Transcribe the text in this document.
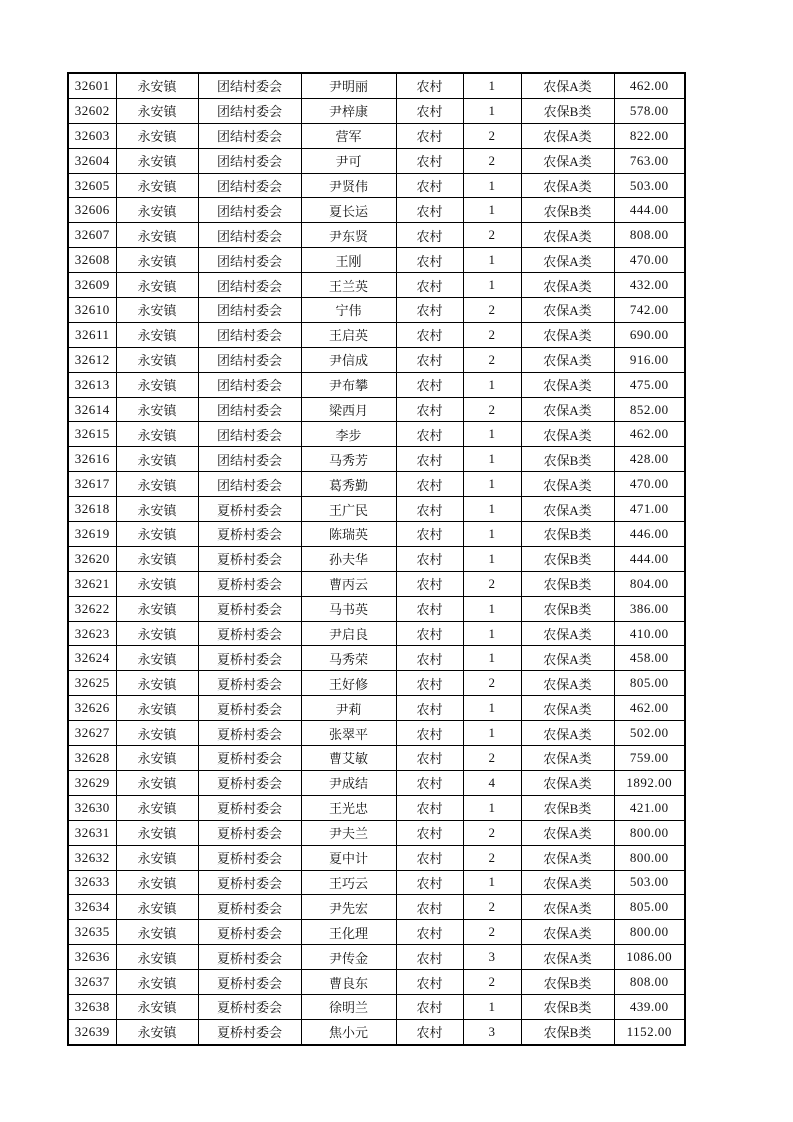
32601	永安镇	团结村委会	尹明丽	农村	1	农保A类	462.00
32602	永安镇	团结村委会	尹梓康	农村	1	农保B类	578.00
32603	永安镇	团结村委会	营军	农村	2	农保A类	822.00
32604	永安镇	团结村委会	尹可	农村	2	农保A类	763.00
32605	永安镇	团结村委会	尹贤伟	农村	1	农保A类	503.00
32606	永安镇	团结村委会	夏长运	农村	1	农保B类	444.00
32607	永安镇	团结村委会	尹东贤	农村	2	农保A类	808.00
32608	永安镇	团结村委会	王刚	农村	1	农保A类	470.00
32609	永安镇	团结村委会	王兰英	农村	1	农保A类	432.00
32610	永安镇	团结村委会	宁伟	农村	2	农保A类	742.00
32611	永安镇	团结村委会	王启英	农村	2	农保A类	690.00
32612	永安镇	团结村委会	尹信成	农村	2	农保A类	916.00
32613	永安镇	团结村委会	尹布攀	农村	1	农保A类	475.00
32614	永安镇	团结村委会	梁西月	农村	2	农保A类	852.00
32615	永安镇	团结村委会	李步	农村	1	农保A类	462.00
32616	永安镇	团结村委会	马秀芳	农村	1	农保B类	428.00
32617	永安镇	团结村委会	葛秀勤	农村	1	农保A类	470.00
32618	永安镇	夏桥村委会	王广民	农村	1	农保A类	471.00
32619	永安镇	夏桥村委会	陈瑞英	农村	1	农保B类	446.00
32620	永安镇	夏桥村委会	孙夫华	农村	1	农保B类	444.00
32621	永安镇	夏桥村委会	曹丙云	农村	2	农保B类	804.00
32622	永安镇	夏桥村委会	马书英	农村	1	农保B类	386.00
32623	永安镇	夏桥村委会	尹启良	农村	1	农保A类	410.00
32624	永安镇	夏桥村委会	马秀荣	农村	1	农保A类	458.00
32625	永安镇	夏桥村委会	王好修	农村	2	农保A类	805.00
32626	永安镇	夏桥村委会	尹莉	农村	1	农保A类	462.00
32627	永安镇	夏桥村委会	张翠平	农村	1	农保A类	502.00
32628	永安镇	夏桥村委会	曹艾敏	农村	2	农保A类	759.00
32629	永安镇	夏桥村委会	尹成结	农村	4	农保A类	1892.00
32630	永安镇	夏桥村委会	王光忠	农村	1	农保B类	421.00
32631	永安镇	夏桥村委会	尹夫兰	农村	2	农保A类	800.00
32632	永安镇	夏桥村委会	夏中计	农村	2	农保A类	800.00
32633	永安镇	夏桥村委会	王巧云	农村	1	农保A类	503.00
32634	永安镇	夏桥村委会	尹先宏	农村	2	农保A类	805.00
32635	永安镇	夏桥村委会	王化理	农村	2	农保A类	800.00
32636	永安镇	夏桥村委会	尹传金	农村	3	农保A类	1086.00
32637	永安镇	夏桥村委会	曹良东	农村	2	农保B类	808.00
32638	永安镇	夏桥村委会	徐明兰	农村	1	农保B类	439.00
32639	永安镇	夏桥村委会	焦小元	农村	3	农保B类	1152.00
